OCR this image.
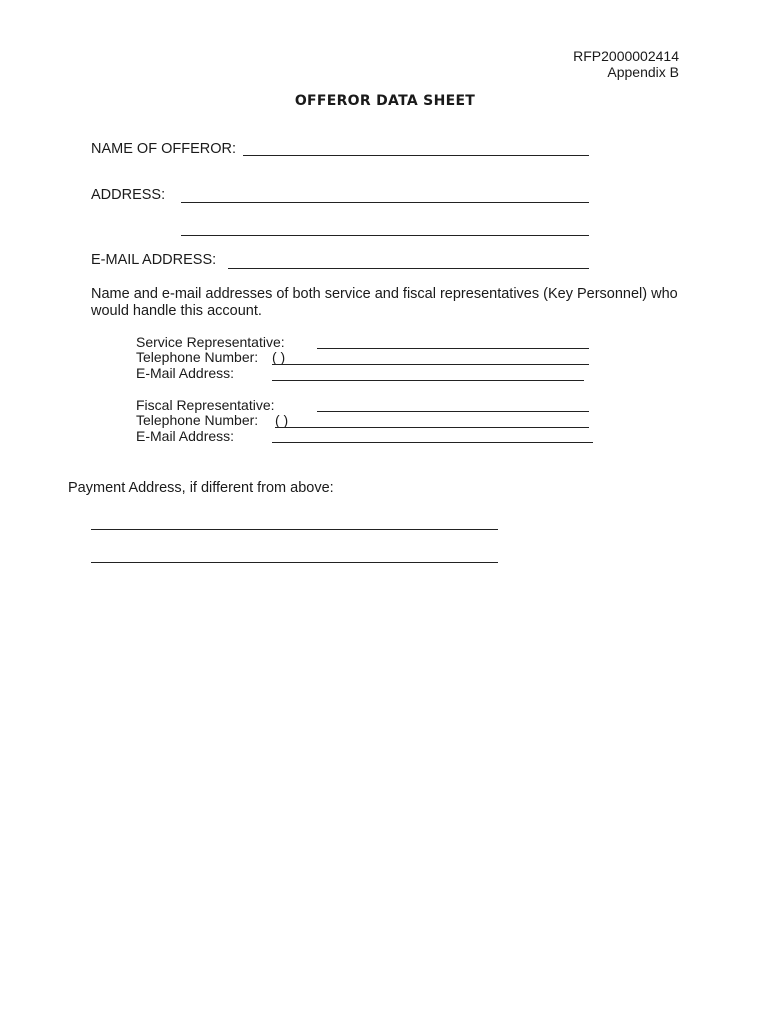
RFP2000002414
Appendix B
OFFEROR DATA SHEET
NAME OF OFFEROR:
ADDRESS:
E-MAIL ADDRESS:
Name and e-mail addresses of both service and fiscal representatives (Key Personnel) who would handle this account.
Service Representative:
Telephone Number: ( )
E-Mail Address:
Fiscal Representative:
Telephone Number: ( )
E-Mail Address:
Payment Address, if different from above:
